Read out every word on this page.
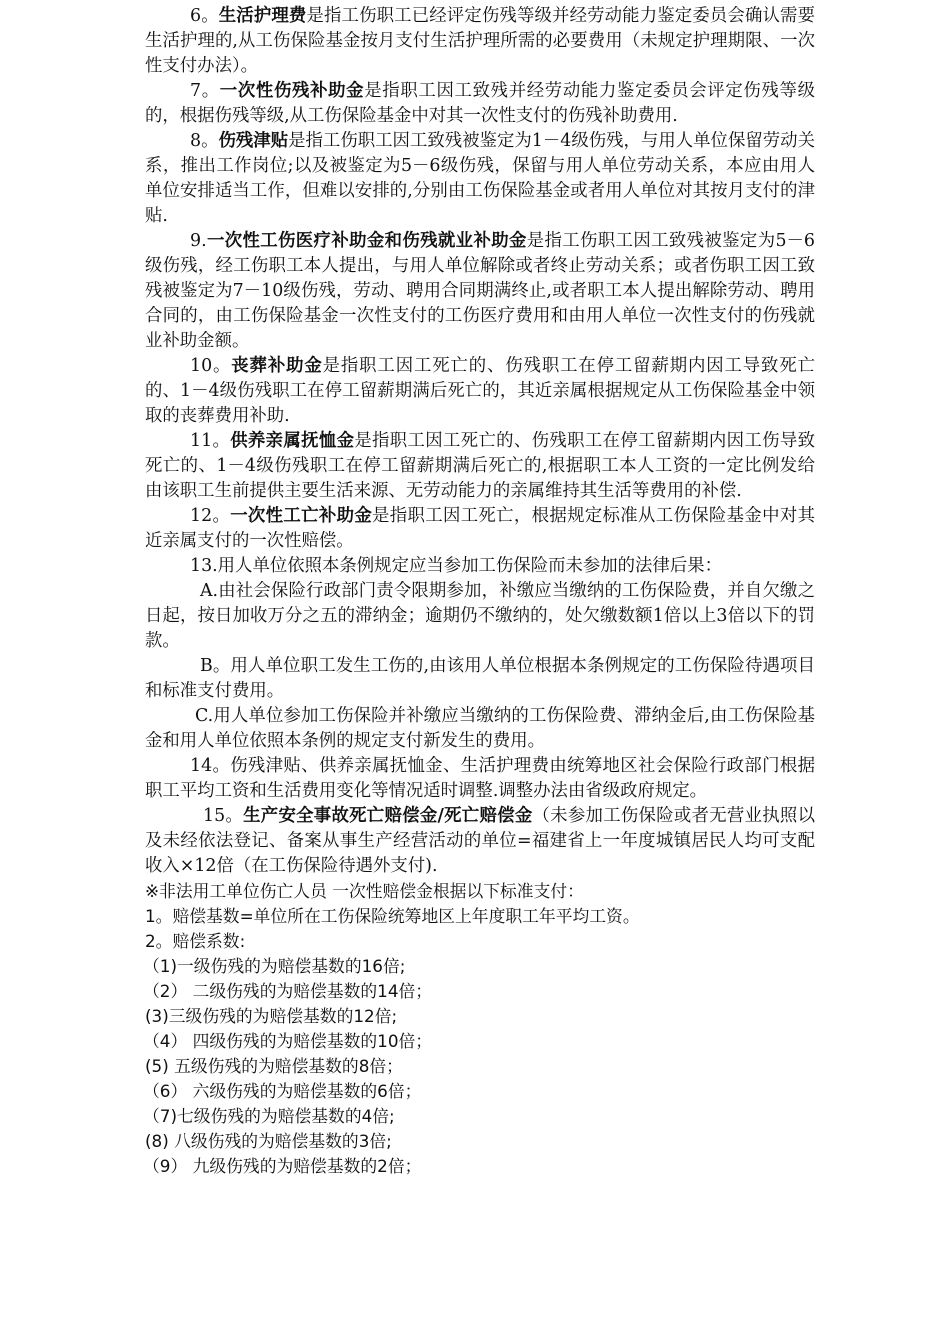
6。生活护理费是指工伤职工已经评定伤残等级并经劳动能力鉴定委员会确认需要生活护理的,从工伤保险基金按月支付生活护理所需的必要费用（未规定护理期限、一次性支付办法）。

7。一次性伤残补助金是指职工因工致残并经劳动能力鉴定委员会评定伤残等级的，根据伤残等级,从工伤保险基金中对其一次性支付的伤残补助费用.

8。伤残津贴是指工伤职工因工致残被鉴定为1－4级伤残，与用人单位保留劳动关系，推出工作岗位;以及被鉴定为5－6级伤残，保留与用人单位劳动关系，本应由用人单位安排适当工作，但难以安排的,分别由工伤保险基金或者用人单位对其按月支付的津贴.

9.一次性工伤医疗补助金和伤残就业补助金是指工伤职工因工致残被鉴定为5－6级伤残，经工伤职工本人提出，与用人单位解除或者终止劳动关系；或者伤职工因工致残被鉴定为7－10级伤残，劳动、聘用合同期满终止,或者职工本人提出解除劳动、聘用合同的，由工伤保险基金一次性支付的工伤医疗费用和由用人单位一次性支付的伤残就业补助金额。

10。丧葬补助金是指职工因工死亡的、伤残职工在停工留薪期内因工导致死亡的、1－4级伤残职工在停工留薪期满后死亡的，其近亲属根据规定从工伤保险基金中领取的丧葬费用补助.

11。供养亲属抚恤金是指职工因工死亡的、伤残职工在停工留薪期内因工伤导致死亡的、1－4级伤残职工在停工留薪期满后死亡的,根据职工本人工资的一定比例发给由该职工生前提供主要生活来源、无劳动能力的亲属维持其生活等费用的补偿.

12。一次性工亡补助金是指职工因工死亡，根据规定标准从工伤保险基金中对其近亲属支付的一次性赔偿。

13.用人单位依照本条例规定应当参加工伤保险而未参加的法律后果：

A.由社会保险行政部门责令限期参加，补缴应当缴纳的工伤保险费，并自欠缴之日起，按日加收万分之五的滞纳金；逾期仍不缴纳的，处欠缴数额1倍以上3倍以下的罚款。

B。用人单位职工发生工伤的,由该用人单位根据本条例规定的工伤保险待遇项目和标准支付费用。

C.用人单位参加工伤保险并补缴应当缴纳的工伤保险费、滞纳金后,由工伤保险基金和用人单位依照本条例的规定支付新发生的费用。

14。伤残津贴、供养亲属抚恤金、生活护理费由统筹地区社会保险行政部门根据职工平均工资和生活费用变化等情况适时调整.调整办法由省级政府规定。

15。生产安全事故死亡赔偿金/死亡赔偿金（未参加工伤保险或者无营业执照以及未经依法登记、备案从事生产经营活动的单位=福建省上一年度城镇居民人均可支配收入×12倍（在工伤保险待遇外支付).

※非法用工单位伤亡人员 一次性赔偿金根据以下标准支付：

1。赔偿基数=单位所在工伤保险统筹地区上年度职工年平均工资。

2。赔偿系数:

（1)一级伤残的为赔偿基数的16倍;

（2） 二级伤残的为赔偿基数的14倍；

(3)三级伤残的为赔偿基数的12倍;

（4） 四级伤残的为赔偿基数的10倍；

(5) 五级伤残的为赔偿基数的8倍；

（6） 六级伤残的为赔偿基数的6倍；

（7)七级伤残的为赔偿基数的4倍;

(8) 八级伤残的为赔偿基数的3倍;

（9） 九级伤残的为赔偿基数的2倍；
